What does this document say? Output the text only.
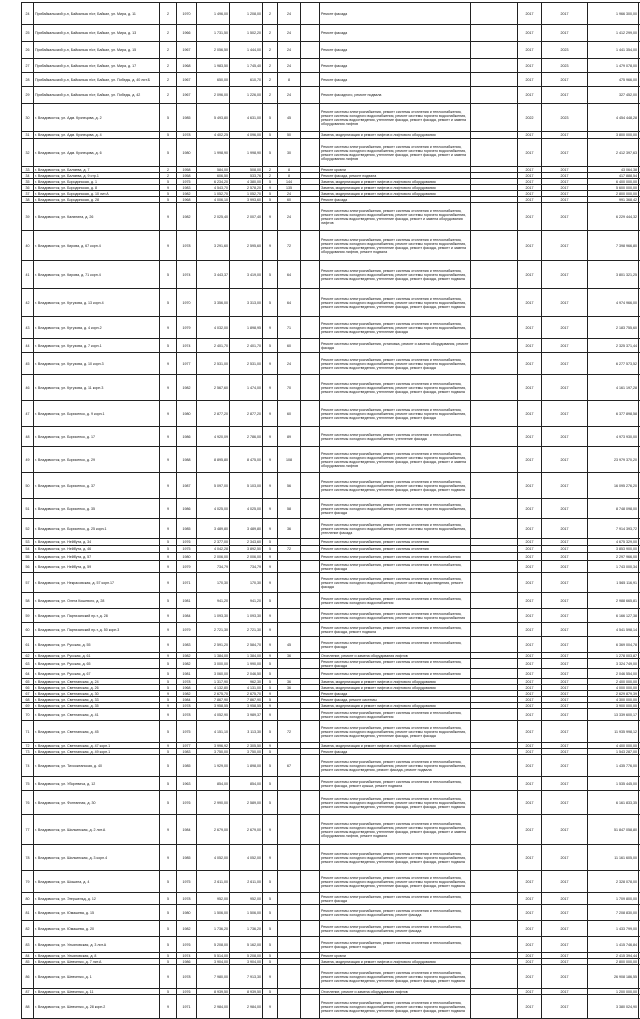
24	Прибайкальский р-н, Байкальск п/ст, Байкал, ул. Мира, д. 11	2	1970	1 496,00	1 208,00	2	24		Ремонт фасада		2017	2017	1 966 300,00	
25	Прибайкальский р-н, Байкальск п/ст, Байкал, ул. Мира, д. 13	2	1966	1 731,50	1 502,20	2	24		Ремонт фасада		2017	2017	1 412 299,00	
26	Прибайкальский р-н, Байкальск п/ст, Байкал, ул. Мира, д. 15	2	1967	2 056,50	1 444,00	2	24		Ремонт фасада		2017	2023	1 441 354,00	
27	Прибайкальский р-н, Байкальск п/ст, Байкал, ул. Мира, д. 17	2	1968	1 983,50	1 745,40	2	24		Ремонт фасада		2017	2023	1 479 078,00	
28	Прибайкальский р-н, Байкальск п/ст, Байкал, ул. Победы, д. 40 лит.Б	2	1967	650,00	610,70	2	8		Ремонт фасада		2017	2017	475 966,00	
29	Прибайкальский р-н, Байкальск п/ст, Байкал, ул. Победы, д. 42	2	1967	2 096,00	1 226,00	2	24		Ремонт фасадного, ремонт подвала		2017	2017	327 452,00	
30	г. Владивосток, ул. Адм. Кузнецова, д. 2	5	1985	5 493,80	4 631,00	5	45		Ремонт системы электроснабжения, ремонт системы отопления и теплоснабжения, ремонт системы холодного водоснабжения, ремонт системы горячего водоснабжения, ремонт системы водоотведения, утепление фасада, ремонт фасада, ремонт и замена оборудования лифтов		2022	2023	4 454 448,28	
31	г. Владивосток, ул. Адм. Кузнецова, д. 4	5	1978	4 402,25	4 096,00	5	50		Замена, модернизация и ремонт лифтов и лифтового оборудования		2017	2017	3 800 000,00	
32	г. Владивосток, ул. Адм. Кузнецова, д. 6	5	1980	1 998,90	1 998,90	5	30		Ремонт системы электроснабжения, ремонт системы отопления и теплоснабжения, ремонт системы холодного водоснабжения, ремонт системы горячего водоснабжения, ремонт системы водоотведения, утепление фасада, ремонт фасада, ремонт и замена оборудования лифтов		2017	2017	2 412 397,63	
33	г. Владивосток, ул. Баляева, д. 7	2	1958	584,00	508,00	2	8		Ремонт кровли		2017	2017	43 064,38	
34	г. Владивосток, ул. Баляева, д. 9 стр.1	2	1958	606,50	533,76	2	8		Ремонт фасада, ремонт подвала		2017	2017	417 888,54	
35	г. Владивосток, ул. Бородинская, д. 1	5	1975	6 234,20	4 380,00	5	144		Замена, модернизация и ремонт лифтов и лифтового оборудования		2017	2017	6 400 000,00	
36	г. Владивосток, ул. Бородинская, д. 8	9	1983	4 543,70	2 578,20	9	135		Замена, модернизация и ремонт лифтов и лифтового оборудования		2017	2017	5 600 000,00	
37	г. Владивосток, ул. Бородинская, д. 10 лит.А	5	1982	1 052,70	1 052,70	5	24		Замена, модернизация и ремонт лифтов и лифтового оборудования		2017	2017	2 800 000,00	
38	г. Владивосток, ул. Бородинская, д. 28	5	1968	4 006,10	3 993,60	5	60		Ремонт фасада		2017	2017	991 368,42	
39	г. Владивосток, ул. Калинина, д. 26	9	1982	2 025,40	2 007,40	9	24		Ремонт системы электроснабжения, ремонт системы отопления и теплоснабжения, ремонт системы холодного водоснабжения, ремонт системы горячего водоснабжения, ремонт системы водоотведения, утепление фасада, ремонт и замена оборудования лифтов		2017	2017	6 229 444,32	
40	г. Владивосток, ул. Кирова, д. 67 корп.4	9	1978	3 291,60	2 595,60	9	72		Ремонт системы электроснабжения, ремонт системы отопления и теплоснабжения, ремонт системы холодного водоснабжения, ремонт системы горячего водоснабжения, ремонт системы водоотведения, утепление фасада, ремонт фасада, ремонт и замена оборудования лифтов, ремонт подвала		2017	2017	7 398 966,80	
41	г. Владивосток, ул. Кирова, д. 71 корп.4	5	1974	3 443,37	3 419,00	5	64		Ремонт системы электроснабжения, ремонт системы отопления и теплоснабжения, ремонт системы холодного водоснабжения, ремонт системы горячего водоснабжения, ремонт системы водоотведения, утепление фасада, ремонт фасада, ремонт подвала		2017	2017	3 801 321,25	
42	г. Владивосток, ул. Кутузова, д. 13 корп.4	5	1970	3 356,00	3 313,00	5	64		Ремонт системы электроснабжения, ремонт системы отопления и теплоснабжения, ремонт системы холодного водоснабжения, ремонт системы горячего водоснабжения, ремонт системы водоотведения, утепление фасада, ремонт фасада, ремонт подвала		2017	2017	4 974 966,00	
43	г. Владивосток, ул. Кутузова, д. 4 корп.2	9	1979	4 032,00	1 898,95	9	71		Ремонт системы электроснабжения, ремонт системы отопления и теплоснабжения, ремонт системы холодного водоснабжения, ремонт системы горячего водоснабжения, ремонт системы водоотведения, утепление фасада		2017	2017	2 183 755,60	
44	г. Владивосток, ул. Кутузова, д. 7 корп.1	5	1974	2 401,70	2 401,70	5	60		Ремонт системы электроснабжения, установка, ремонт и замена оборудования, ремонт фасада		2017	2017	2 325 371,44	
45	г. Владивосток, ул. Кутузова, д. 10 корп.3	9	1977	2 531,00	2 531,00	9	24		Ремонт системы электроснабжения, ремонт системы отопления и теплоснабжения, ремонт системы холодного водоснабжения, ремонт системы горячего водоснабжения, ремонт системы водоотведения, утепление фасада, ремонт фасада		2017	2017	6 277 573,52	
46	г. Владивосток, ул. Кутузова, д. 11 корп.3	9	1982	2 567,60	1 474,00	9	70		Ремонт системы электроснабжения, ремонт системы отопления и теплоснабжения, ремонт системы холодного водоснабжения, ремонт системы горячего водоснабжения, ремонт системы водоотведения, утепление фасада, ремонт фасада, ремонт подвала		2017	2017	4 161 197,28	
47	г. Владивосток, ул. Борисенко, д. 9 корп.1	9	1980	2 877,20	2 877,20	9	60		Ремонт системы электроснабжения, ремонт системы отопления и теплоснабжения, ремонт системы холодного водоснабжения, ремонт системы горячего водоснабжения, ремонт системы водоотведения, утепление фасада, ремонт фасада		2017	2017	6 377 898,58	
48	г. Владивосток, ул. Борисенко, д. 17	9	1986	4 920,09	2 786,00	9	89		Ремонт системы электроснабжения, ремонт системы отопления и теплоснабжения, ремонт системы холодного водоснабжения, утепление фасада		2017	2017	4 973 930,00	
49	г. Владивосток, ул. Борисенко, д. 29	9	1988	8 895,80	8 475,00	9	108		Ремонт системы электроснабжения, ремонт системы отопления и теплоснабжения, ремонт системы холодного водоснабжения, ремонт системы горячего водоснабжения, ремонт системы водоотведения, утепление фасада, ремонт фасада, ремонт и замена оборудования лифтов		2017	2017	23 979 370,20	
50	г. Владивосток, ул. Борисенко, д. 37	9	1987	5 097,00	5 103,00	9	56		Ремонт системы электроснабжения, ремонт системы отопления и теплоснабжения, ремонт системы холодного водоснабжения, ремонт системы горячего водоснабжения, ремонт системы водоотведения, утепление фасада, ремонт фасада, ремонт подвала		2017	2017	16 095 276,20	
51	г. Владивосток, ул. Борисенко, д. 35	9	1986	4 025,00	4 025,00	9	58		Ремонт системы электроснабжения, ремонт системы отопления и теплоснабжения, ремонт системы холодного водоснабжения, ремонт системы горячего водоснабжения, ремонт фасада		2017	2017	8 748 098,00	
52	г. Владивосток, ул. Борисенко, д. 25 корп.1	9	1985	3 489,80	3 489,80	9	36		Ремонт системы электроснабжения, ремонт системы отопления и теплоснабжения, ремонт системы холодного водоснабжения, ремонт системы горячего водоснабжения, утепление фасада		2017	2017	7 914 393,72	
53	г. Владивосток, ул. Нейбута, д. 34	5	1976	2 377,00	2 343,60	5			Ремонт системы электроснабжения, ремонт системы отопления		2017	2017	4 675 329,00	
54	г. Владивосток, ул. Нейбута, д. 46	5	1975	4 042,28	3 892,50	5	72		Ремонт системы электроснабжения, ремонт системы отопления		2017	2017	3 853 900,00	
55	г. Владивосток, ул. Нейбута, д. 57	9	1980	2 006,00	2 006,00	9			Ремонт системы электроснабжения, ремонт системы отопления и теплоснабжения		2017	2017	2 297 966,00	
56	г. Владивосток, ул. Нейбута, д. 59	9	1979	734,79	734,79	9			Ремонт системы электроснабжения, ремонт системы отопления и теплоснабжения, ремонт фасада		2017	2017	1 743 000,34	
57	г. Владивосток, ул. Некрасовская, д. 57 корп.17	9	1971	170,30	170,30	9			Ремонт системы электроснабжения, ремонт системы отопления и теплоснабжения, ремонт системы холодного водоснабжения, ремонт системы водоотведения, ремонт фасада		2017	2017	1 565 116,91	
58	г. Владивосток, ул. Олега Кошевого, д. 28	5	1981	941,20	941,20	5			Ремонт системы электроснабжения, ремонт системы отопления и теплоснабжения, ремонт системы холодного водоснабжения		2017	2017	2 988 665,81	
59	г. Владивосток, ул. Партизанский пр-т, д. 28	9	1984	1 093,30	1 093,30	9			Ремонт системы электроснабжения, ремонт системы отопления и теплоснабжения, ремонт системы холодного водоснабжения, ремонт системы горячего водоснабжения		2017	2017	6 166 127,38	
60	г. Владивосток, ул. Партизанский пр-т, д. 50 корп.3	9	1979	2 721,30	2 721,30	9			Ремонт системы электроснабжения, ремонт системы отопления и теплоснабжения, ремонт фасада, ремонт подвала		2017	2017	4 541 598,14	
61	г. Владивосток, ул. Русская, д. 55	9	1983	2 591,20	2 584,70	9	45		Ремонт системы электроснабжения, ремонт системы отопления и теплоснабжения, ремонт фасада		2017	2017	6 369 004,78	
62	г. Владивосток, ул. Русская, д. 61	9	1982	1 384,00	1 384,00	9	36		Отопление, ремонт и замена оборудования лифтов		2017	2017	1 278 003,87	
63	г. Владивосток, ул. Русская, д. 65	5	1982	3 000,00	1 990,00	5			Ремонт системы электроснабжения, ремонт системы отопления и теплоснабжения, ремонт фасада		2017	2017	3 324 749,00	
64	г. Владивосток, ул. Русская, д. 67	5	1981	3 060,00	2 046,50	5			Ремонт системы электроснабжения, ремонт системы отопления и теплоснабжения		2017	2017	2 046 554,00	
65	г. Владивосток, ул. Светланская, д. 24	5	1978	1 317,90	962,30	5	36		Замена, модернизация и ремонт лифтов и лифтового оборудования		2017	2017	2 400 000,00	
66	г. Владивосток, ул. Светланская, д. 26	5	1968	4 132,80	4 131,00	5	36		Замена, модернизация и ремонт лифтов и лифтового оборудования		2017	2017	4 000 000,00	
67	г. Владивосток, ул. Светланская, д. 30	9	1982	2 675,70	2 675,70	9			Ремонт фасада		2017	2017	2 629 879,39	
68	г. Владивосток, ул. Светланская, д. 33	5	1984	7 867,90	7 867,90	5			Ремонт фасада, ремонт системы		2017	2017	4 300 000,00	
69	г. Владивосток, ул. Светланская, д. 35	9	1978	3 958,55	3 958,55	9			Замена, модернизация и ремонт лифтов и лифтового оборудования		2017	2017	3 900 000,00	
70	г. Владивосток, ул. Светланская, д. 41	9	1978	4 052,90	3 989,37	9			Ремонт системы электроснабжения, ремонт системы отопления и теплоснабжения, ремонт системы холодного водоснабжения		2017	2017	13 339 600,17	
71	г. Владивосток, ул. Светланская, д. 45	5	1975	4 151,10	3 113,30	5	72		Ремонт системы электроснабжения, ремонт системы отопления и теплоснабжения, ремонт системы холодного водоснабжения, ремонт системы горячего водоснабжения, ремонт системы водоотведения, утепление фасада, ремонт фасада		2017	2017	11 935 998,12	
72	г. Владивосток, ул. Светланская, д. 47 корп.1	9	1977	3 996,92	2 305,50	9			Замена, модернизация и ремонт лифтов и лифтового оборудования		2017	2017	4 400 000,00	
73	г. Владивосток, ул. Светланская, д. 49 корп.1	5	1983	3 750,00	3 750,00	5			Ремонт фасада		2017	2017	1 543 287,00	
74	г. Владивосток, ул. Тихоокеанская, д. 40	5	1985	1 929,00	1 898,00	5	67		Ремонт системы электроснабжения, ремонт системы отопления и теплоснабжения, ремонт системы холодного водоснабжения, ремонт системы горячего водоснабжения, ремонт системы водоотведения, ремонт фасада, ремонт подвала		2017	2017	1 435 776,00	
75	г. Владивосток, ул. Уборевича, д. 12	5	1963	854,00	854,00	5			Ремонт системы электроснабжения, ремонт системы отопления и теплоснабжения, ремонт фасада, ремонт крыши, ремонт подвала		2017	2017	1 535 445,00	
76	г. Владивосток, ул. Фонтанная, д. 30	5	1976	2 990,00	2 589,00	5			Ремонт системы электроснабжения, ремонт системы отопления и теплоснабжения, ремонт системы холодного водоснабжения, ремонт системы горячего водоснабжения, ремонт системы водоотведения, утепление фасада, ремонт фасада, ремонт подвала		2017	2017	6 161 833,35	
77	г. Владивосток, ул. Шилкинская, д. 2 лит.А	9	1984	2 679,00	2 679,00	9			Ремонт системы электроснабжения, ремонт системы отопления и теплоснабжения, ремонт системы холодного водоснабжения, ремонт системы горячего водоснабжения, ремонт системы водоотведения, утепление фасада, ремонт фасада, ремонт и замена оборудования лифтов, ремонт подвала		2017	2017	51 847 058,80	
78	г. Владивосток, ул. Шилкинская, д. 3 корп.4	9	1985	4 052,00	4 052,00	9			Ремонт системы электроснабжения, ремонт системы отопления и теплоснабжения, ремонт системы холодного водоснабжения, ремонт системы горячего водоснабжения, ремонт системы водоотведения, утепление фасада, ремонт фасада, ремонт подвала		2017	2017	11 161 605,00	
79	г. Владивосток, ул. Шошина, д. 4	5	1975	2 611,00	2 611,00	5			Ремонт системы электроснабжения, ремонт системы отопления и теплоснабжения, ремонт системы холодного водоснабжения, ремонт системы горячего водоснабжения, ремонт системы водоотведения, утепление фасада, ремонт фасада, ремонт подвала		2017	2017	2 328 078,00	
80	г. Владивосток, ул. Эгершельд, д. 12	5	1978	952,00	952,00	5			Ремонт системы электроснабжения, ремонт системы отопления и теплоснабжения, ремонт фасада		2017	2017	1 709 800,00	
81	г. Владивосток, ул. Юмашева, д. 15	5	1980	1 506,00	1 506,00	5			Ремонт системы электроснабжения, ремонт системы отопления и теплоснабжения, ремонт системы холодного водоснабжения, ремонт фасада		2017	2017	7 208 830,00	
82	г. Владивосток, ул. Юмашева, д. 20	5	1982	1 736,20	1 736,20	5			Ремонт системы электроснабжения, ремонт системы отопления и теплоснабжения, ремонт системы холодного водоснабжения, ремонт фасада		2017	2017	1 433 799,00	
83	г. Владивосток, ул. Ульяновская, д. 3 лит.А	5	1976	5 208,00	5 162,00	5			Ремонт системы электроснабжения, ремонт системы отопления и теплоснабжения, ремонт фасада, ремонт подвала		2017	2017	1 415 746,84	
84	г. Владивосток, ул. Ульяновская, д. 8	5	1974	5 514,00	5 208,00	5			Ремонт кровли		2017	2017	2 415 394,44	
85	г. Владивосток, ул. Шевченко, д. 7 лит.А	5	1986	3 904,00	3 904,00	5			Замена, модернизация и ремонт лифтов и лифтового оборудования		2017	2017	2 800 000,00	
86	г. Владивосток, ул. Шевченко, д. 1	9	1978	7 980,00	7 913,30	9			Ремонт системы электроснабжения, ремонт системы отопления и теплоснабжения, ремонт системы холодного водоснабжения, ремонт системы горячего водоснабжения, ремонт системы водоотведения, утепление фасада, ремонт фасада, ремонт подвала		2017	2017	26 908 186,55	
87	г. Владивосток, ул. Шевченко, д. 11	5	1976	8 939,50	8 939,50	5			Отопление, ремонт и замена оборудования лифтов		2017	2017	1 200 000,00	
88	г. Владивосток, ул. Шевченко, д. 28 корп.2	9	1971	2 984,00	2 984,00	9			Ремонт системы электроснабжения, ремонт системы отопления и теплоснабжения, ремонт системы холодного водоснабжения, ремонт системы горячего водоснабжения, ремонт системы водоотведения, утепление фасада, ремонт фасада, ремонт подвала		2017	2017	3 380 024,90	
